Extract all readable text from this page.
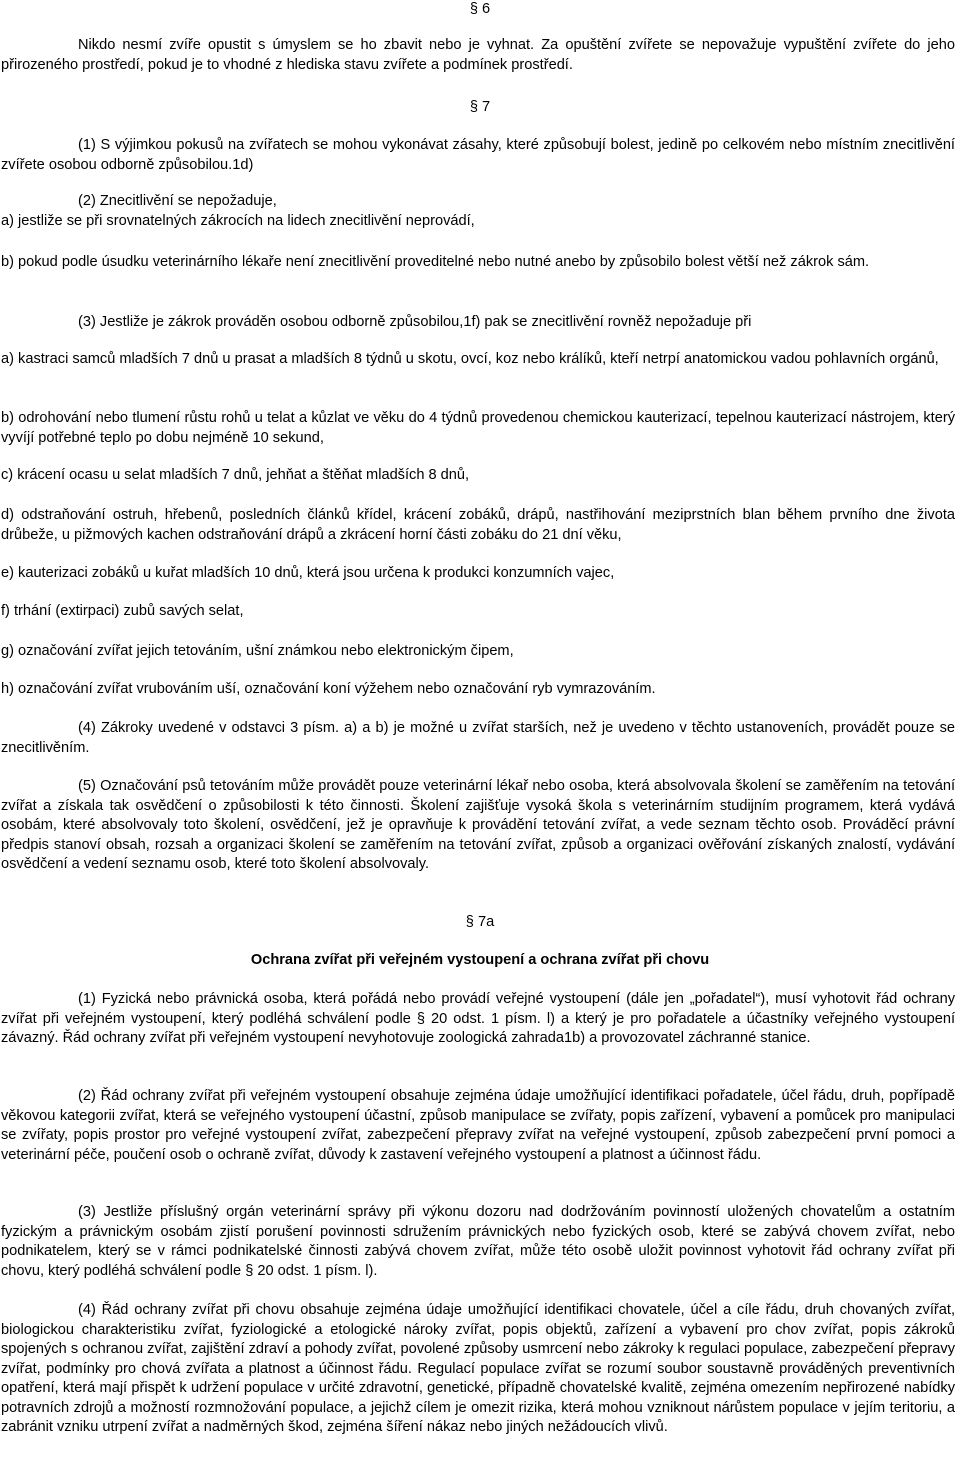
§ 6
Nikdo nesmí zvíře opustit s úmyslem se ho zbavit nebo je vyhnat. Za opuštění zvířete se nepovažuje vypuštění zvířete do jeho přirozeného prostředí, pokud je to vhodné z hlediska stavu zvířete a podmínek prostředí.
§ 7
(1) S výjimkou pokusů na zvířatech se mohou vykonávat zásahy, které způsobují bolest, jedině po celkovém nebo místním znecitlivění zvířete osobou odborně způsobilou.1d)
(2) Znecitlivění se nepožaduje,
a) jestliže se při srovnatelných zákrocích na lidech znecitlivění neprovádí,
b) pokud podle úsudku veterinárního lékaře není znecitlivění proveditelné nebo nutné anebo by způsobilo bolest větší než zákrok sám.
(3) Jestliže je zákrok prováděn osobou odborně způsobilou,1f) pak se znecitlivění rovněž nepožaduje při
a) kastraci samců mladších 7 dnů u prasat a mladších 8 týdnů u skotu, ovcí, koz nebo králíků, kteří netrpí anatomickou vadou pohlavních orgánů,
b) odrohování nebo tlumení růstu rohů u telat a kůzlat ve věku do 4 týdnů provedenou chemickou kauterizací, tepelnou kauterizací nástrojem, který vyvíjí potřebné teplo po dobu nejméně 10 sekund,
c) krácení ocasu u selat mladších 7 dnů, jehňat a štěňat mladších 8 dnů,
d) odstraňování ostruh, hřebenů, posledních článků křídel, krácení zobáků, drápů, nastřihování meziprstních blan během prvního dne života drůbeže, u pižmových kachen odstraňování drápů a zkrácení horní části zobáku do 21 dní věku,
e) kauterizaci zobáků u kuřat mladších 10 dnů, která jsou určena k produkci konzumních vajec,
f) trhání (extirpaci) zubů savých selat,
g) označování zvířat jejich tetováním, ušní známkou nebo elektronickým čipem,
h) označování zvířat vrubováním uší, označování koní výžehem nebo označování ryb vymrazováním.
(4) Zákroky uvedené v odstavci 3 písm. a) a b) je možné u zvířat starších, než je uvedeno v těchto ustanoveních, provádět pouze se znecitlivěním.
(5) Označování psů tetováním může provádět pouze veterinární lékař nebo osoba, která absolvovala školení se zaměřením na tetování zvířat a získala tak osvědčení o způsobilosti k této činnosti. Školení zajišťuje vysoká škola s veterinárním studijním programem, která vydává osobám, které absolvovaly toto školení, osvědčení, jež je opravňuje k provádění tetování zvířat, a vede seznam těchto osob. Prováděcí právní předpis stanoví obsah, rozsah a organizaci školení se zaměřením na tetování zvířat, způsob a organizaci ověřování získaných znalostí, vydávání osvědčení a vedení seznamu osob, které toto školení absolvovaly.
§ 7a
Ochrana zvířat při veřejném vystoupení a ochrana zvířat při chovu
(1) Fyzická nebo právnická osoba, která pořádá nebo provádí veřejné vystoupení (dále jen „pořadatel“), musí vyhotovit řád ochrany zvířat při veřejném vystoupení, který podléhá schválení podle § 20 odst. 1 písm. l) a který je pro pořadatele a účastníky veřejného vystoupení závazný. Řád ochrany zvířat při veřejném vystoupení nevyhotovuje zoologická zahrada1b) a provozovatel záchranné stanice.
(2) Řád ochrany zvířat při veřejném vystoupení obsahuje zejména údaje umožňující identifikaci pořadatele, účel řádu, druh, popřípadě věkovou kategorii zvířat, která se veřejného vystoupení účastní, způsob manipulace se zvířaty, popis zařízení, vybavení a pomůcek pro manipulaci se zvířaty, popis prostor pro veřejné vystoupení zvířat, zabezpečení přepravy zvířat na veřejné vystoupení, způsob zabezpečení první pomoci a veterinární péče, poučení osob o ochraně zvířat, důvody k zastavení veřejného vystoupení a platnost a účinnost řádu.
(3) Jestliže příslušný orgán veterinární správy při výkonu dozoru nad dodržováním povinností uložených chovatelům a ostatním fyzickým a právnickým osobám zjistí porušení povinnosti sdružením právnických nebo fyzických osob, které se zabývá chovem zvířat, nebo podnikatelem, který se v rámci podnikatelské činnosti zabývá chovem zvířat, může této osobě uložit povinnost vyhotovit řád ochrany zvířat při chovu, který podléhá schválení podle § 20 odst. 1 písm. l).
(4) Řád ochrany zvířat při chovu obsahuje zejména údaje umožňující identifikaci chovatele, účel a cíle řádu, druh chovaných zvířat, biologickou charakteristiku zvířat, fyziologické a etologické nároky zvířat, popis objektů, zařízení a vybavení pro chov zvířat, popis zákroků spojených s ochranou zvířat, zajištění zdraví a pohody zvířat, povolené způsoby usmrcení nebo zákroky k regulaci populace, zabezpečení přepravy zvířat, podmínky pro chová zvířata a platnost a účinnost řádu. Regulací populace zvířat se rozumí soubor soustavně prováděných preventivních opatření, která mají přispět k udržení populace v určité zdravotní, genetické, případně chovatelské kvalitě, zejména omezením nepřirozené nabídky potravních zdrojů a možností rozmnožování populace, a jejichž cílem je omezit rizika, která mohou vzniknout nárůstem populace v jejím teritoriu, a zabránit vzniku utrpení zvířat a nadměrných škod, zejména šíření nákaz nebo jiných nežádoucích vlivů.
